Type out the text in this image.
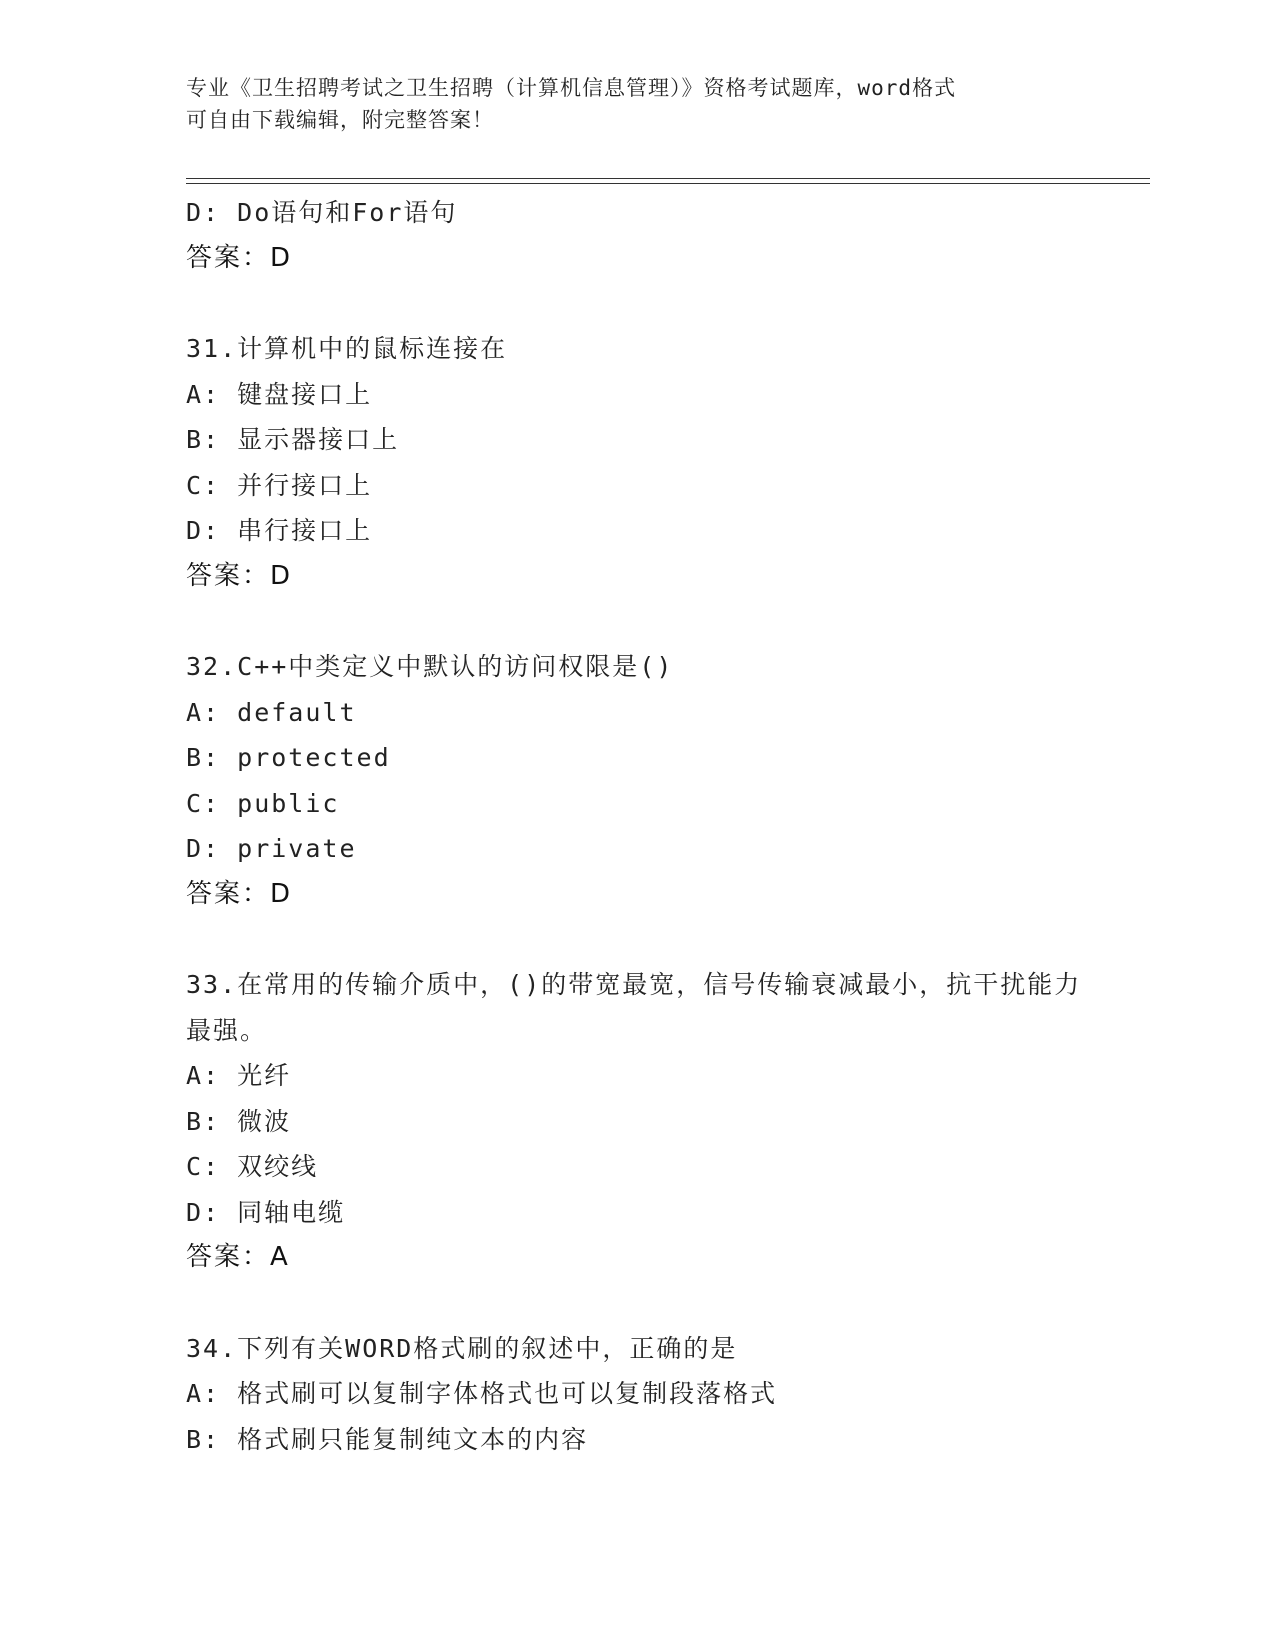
专业《卫生招聘考试之卫生招聘（计算机信息管理）》资格考试题库，word格式
可自由下载编辑，附完整答案！
D: Do语句和For语句
答案：D
31.计算机中的鼠标连接在
A: 键盘接口上
B: 显示器接口上
C: 并行接口上
D: 串行接口上
答案：D
32.C++中类定义中默认的访问权限是()
A: default
B: protected
C: public
D: private
答案：D
33.在常用的传输介质中，()的带宽最宽，信号传输衰减最小，抗干扰能力最强。
A: 光纤
B: 微波
C: 双绞线
D: 同轴电缆
答案：A
34.下列有关WORD格式刷的叙述中，正确的是
A: 格式刷可以复制字体格式也可以复制段落格式
B: 格式刷只能复制纯文本的内容
